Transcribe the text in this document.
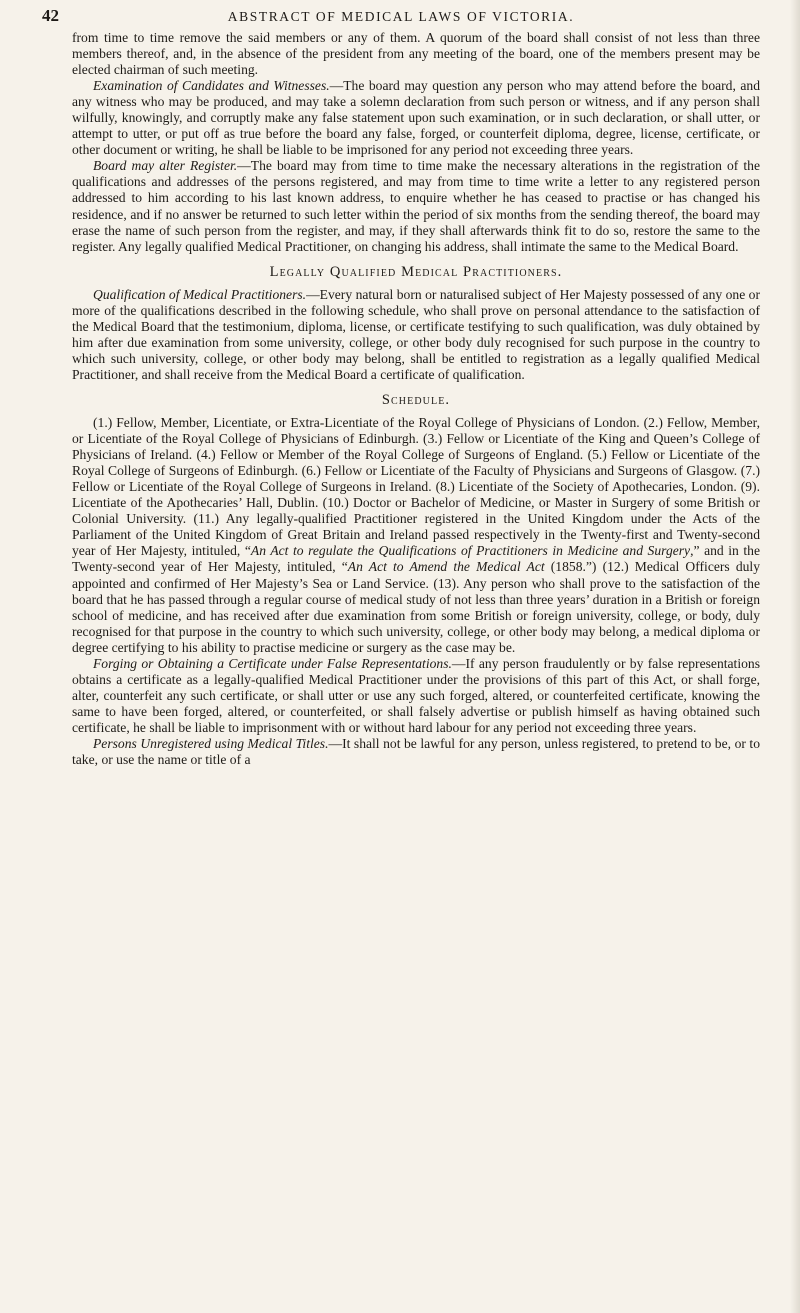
42	ABSTRACT OF MEDICAL LAWS OF VICTORIA.

from time to time remove the said members or any of them. A quorum of the board shall consist of not less than three members thereof, and, in the absence of the president from any meeting of the board, one of the members present may be elected chairman of such meeting.

Examination of Candidates and Witnesses.—The board may question any person who may attend before the board, and any witness who may be produced, and may take a solemn declaration from such person or witness, and if any person shall wilfully, knowingly, and corruptly make any false statement upon such examination, or in such declaration, or shall utter, or attempt to utter, or put off as true before the board any false, forged, or counterfeit diploma, degree, license, certificate, or other document or writing, he shall be liable to be imprisoned for any period not exceeding three years.

Board may alter Register.—The board may from time to time make the necessary alterations in the registration of the qualifications and addresses of the persons registered, and may from time to time write a letter to any registered person addressed to him according to his last known address, to enquire whether he has ceased to practise or has changed his residence, and if no answer be returned to such letter within the period of six months from the sending thereof, the board may erase the name of such person from the register, and may, if they shall afterwards think fit to do so, restore the same to the register. Any legally qualified Medical Practitioner, on changing his address, shall intimate the same to the Medical Board.

Legally Qualified Medical Practitioners.

Qualification of Medical Practitioners.—Every natural born or naturalised subject of Her Majesty possessed of any one or more of the qualifications described in the following schedule, who shall prove on personal attendance to the satisfaction of the Medical Board that the testimonium, diploma, license, or certificate testifying to such qualification, was duly obtained by him after due examination from some university, college, or other body duly recognised for such purpose in the country to which such university, college, or other body may belong, shall be entitled to registration as a legally qualified Medical Practitioner, and shall receive from the Medical Board a certificate of qualification.

Schedule.

(1.) Fellow, Member, Licentiate, or Extra-Licentiate of the Royal College of Physicians of London. (2.) Fellow, Member, or Licentiate of the Royal College of Physicians of Edinburgh. (3.) Fellow or Licentiate of the King and Queen’s College of Physicians of Ireland. (4.) Fellow or Member of the Royal College of Surgeons of England. (5.) Fellow or Licentiate of the Royal College of Surgeons of Edinburgh. (6.) Fellow or Licentiate of the Faculty of Physicians and Surgeons of Glasgow. (7.) Fellow or Licentiate of the Royal College of Surgeons in Ireland. (8.) Licentiate of the Society of Apothecaries, London. (9). Licentiate of the Apothecaries’ Hall, Dublin. (10.) Doctor or Bachelor of Medicine, or Master in Surgery of some British or Colonial University. (11.) Any legally-qualified Practitioner registered in the United Kingdom under the Acts of the Parliament of the United Kingdom of Great Britain and Ireland passed respectively in the Twenty-first and Twenty-second year of Her Majesty, intituled, “An Act to regulate the Qualifications of Practitioners in Medicine and Surgery,” and in the Twenty-second year of Her Majesty, intituled, “An Act to Amend the Medical Act (1858.”) (12.) Medical Officers duly appointed and confirmed of Her Majesty’s Sea or Land Service. (13). Any person who shall prove to the satisfaction of the board that he has passed through a regular course of medical study of not less than three years’ duration in a British or foreign school of medicine, and has received after due examination from some British or foreign university, college, or body, duly recognised for that purpose in the country to which such university, college, or other body may belong, a medical diploma or degree certifying to his ability to practise medicine or surgery as the case may be.

Forging or Obtaining a Certificate under False Representations.—If any person fraudulently or by false representations obtains a certificate as a legally-qualified Medical Practitioner under the provisions of this part of this Act, or shall forge, alter, counterfeit any such certificate, or shall utter or use any such forged, altered, or counterfeited certificate, knowing the same to have been forged, altered, or counterfeited, or shall falsely advertise or publish himself as having obtained such certificate, he shall be liable to imprisonment with or without hard labour for any period not exceeding three years.

Persons Unregistered using Medical Titles.—It shall not be lawful for any person, unless registered, to pretend to be, or to take, or use the name or title of a
